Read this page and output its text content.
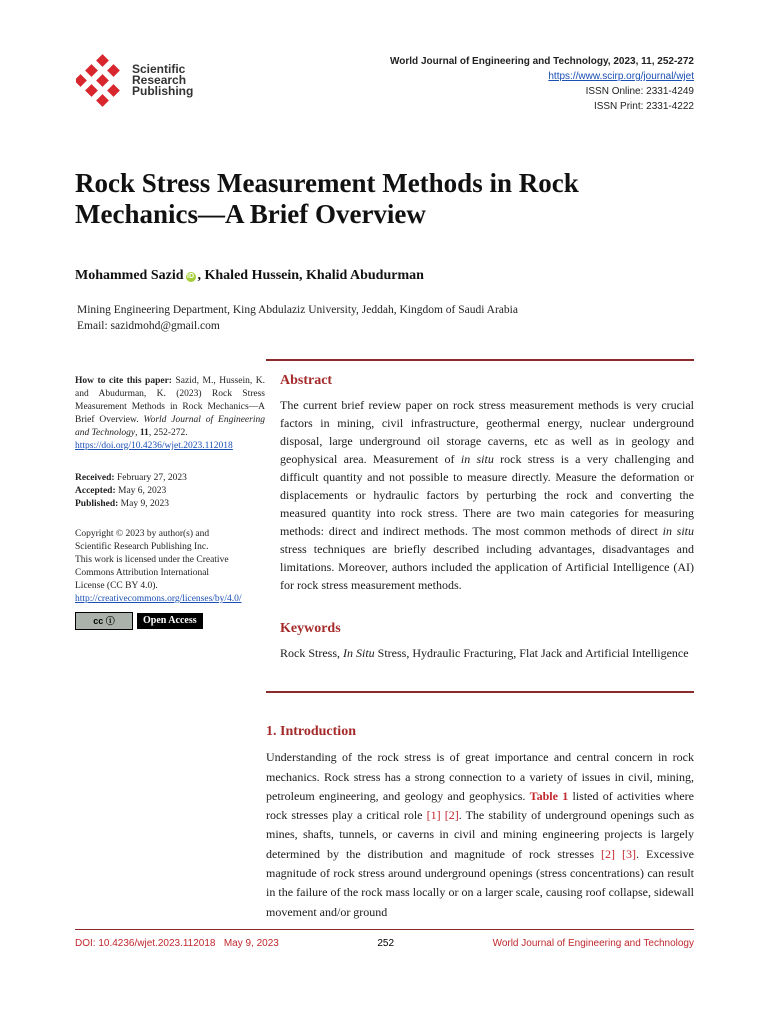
Scientific
Research
Publishing
World Journal of Engineering and Technology, 2023, 11, 252-272
https://www.scirp.org/journal/wjet
ISSN Online: 2331-4249
ISSN Print: 2331-4222
Rock Stress Measurement Methods in Rock
Mechanics—A Brief Overview
Mohammed Sazid iD , Khaled Hussein, Khalid Abudurman
Mining Engineering Department, King Abdulaziz University, Jeddah, Kingdom of Saudi Arabia
Email: sazidmohd@gmail.com
How to cite this paper: Sazid, M., Hussein, K. and Abudurman, K. (2023) Rock Stress Measurement Methods in Rock Mechanics—A Brief Overview. World Journal of Engineering and Technology, 11, 252-272.
https://doi.org/10.4236/wjet.2023.112018
Received: February 27, 2023
Accepted: May 6, 2023
Published: May 9, 2023
Copyright © 2023 by author(s) and
Scientific Research Publishing Inc.
This work is licensed under the Creative
Commons Attribution International
License (CC BY 4.0).
http://creativecommons.org/licenses/by/4.0/
cc ⓘ	Open Access
Abstract
The current brief review paper on rock stress measurement methods is very crucial factors in mining, civil infrastructure, geothermal energy, nuclear underground disposal, large underground oil storage caverns, etc as well as in geology and geophysical area. Measurement of in situ rock stress is a very challenging and difficult quantity and not possible to measure directly. Measure the deformation or displacements or hydraulic factors by perturbing the rock and converting the measured quantity into rock stress. There are two main categories for measuring methods: direct and indirect methods. The most common methods of direct in situ stress techniques are briefly described including advantages, disadvantages and limitations. Moreover, authors included the application of Artificial Intelligence (AI) for rock stress measurement methods.
Keywords
Rock Stress, In Situ Stress, Hydraulic Fracturing, Flat Jack and Artificial Intelligence
1. Introduction
Understanding of the rock stress is of great importance and central concern in rock mechanics. Rock stress has a strong connection to a variety of issues in civil, mining, petroleum engineering, and geology and geophysics. Table 1 listed of activities where rock stresses play a critical role [1] [2]. The stability of underground openings such as mines, shafts, tunnels, or caverns in civil and mining engineering projects is largely determined by the distribution and magnitude of rock stresses [2] [3]. Excessive magnitude of rock stress around underground openings (stress concentrations) can result in the failure of the rock mass locally or on a larger scale, causing roof collapse, sidewall movement and/or ground
DOI: 10.4236/wjet.2023.112018 May 9, 2023	252	World Journal of Engineering and Technology
